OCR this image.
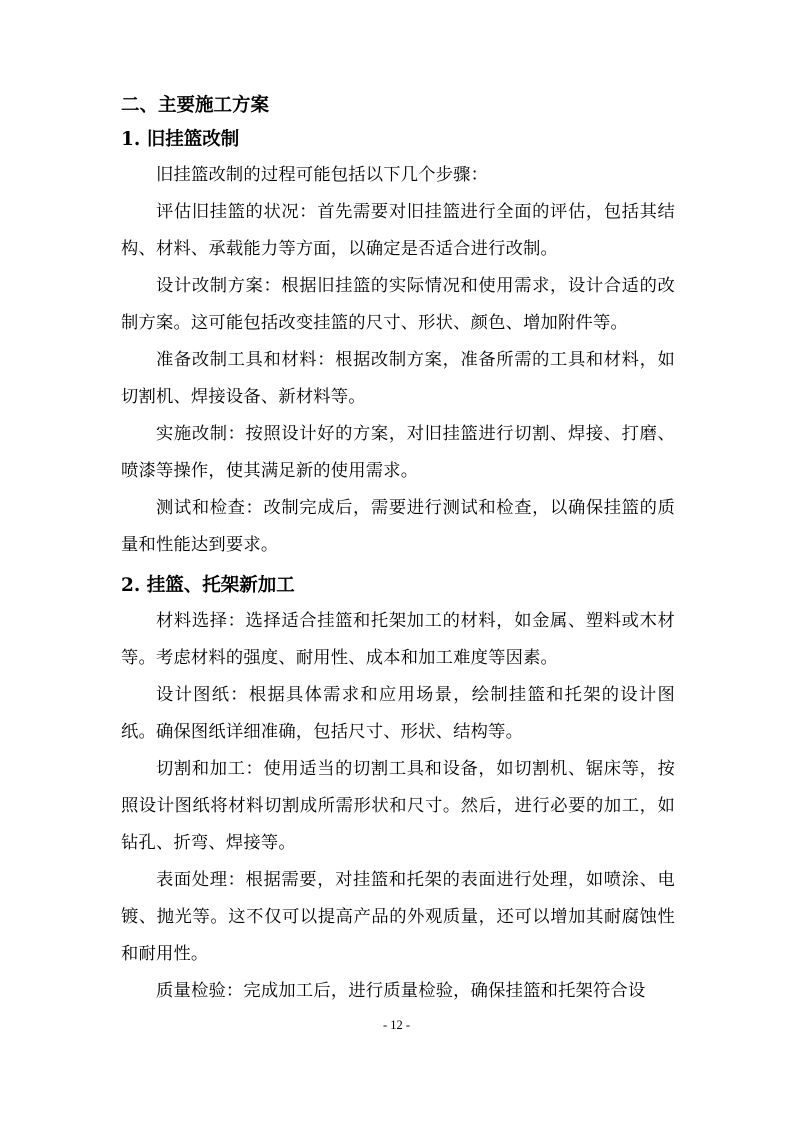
二、主要施工方案
1. 旧挂篮改制

旧挂篮改制的过程可能包括以下几个步骤：

评估旧挂篮的状况：首先需要对旧挂篮进行全面的评估，包括其结构、材料、承载能力等方面，以确定是否适合进行改制。

设计改制方案：根据旧挂篮的实际情况和使用需求，设计合适的改制方案。这可能包括改变挂篮的尺寸、形状、颜色、增加附件等。

准备改制工具和材料：根据改制方案，准备所需的工具和材料，如切割机、焊接设备、新材料等。

实施改制：按照设计好的方案，对旧挂篮进行切割、焊接、打磨、喷漆等操作，使其满足新的使用需求。

测试和检查：改制完成后，需要进行测试和检查，以确保挂篮的质量和性能达到要求。

2. 挂篮、托架新加工

材料选择：选择适合挂篮和托架加工的材料，如金属、塑料或木材等。考虑材料的强度、耐用性、成本和加工难度等因素。

设计图纸：根据具体需求和应用场景，绘制挂篮和托架的设计图纸。确保图纸详细准确，包括尺寸、形状、结构等。

切割和加工：使用适当的切割工具和设备，如切割机、锯床等，按照设计图纸将材料切割成所需形状和尺寸。然后，进行必要的加工，如钻孔、折弯、焊接等。

表面处理：根据需要，对挂篮和托架的表面进行处理，如喷涂、电镀、抛光等。这不仅可以提高产品的外观质量，还可以增加其耐腐蚀性和耐用性。

质量检验：完成加工后，进行质量检验，确保挂篮和托架符合设

- 12 -
